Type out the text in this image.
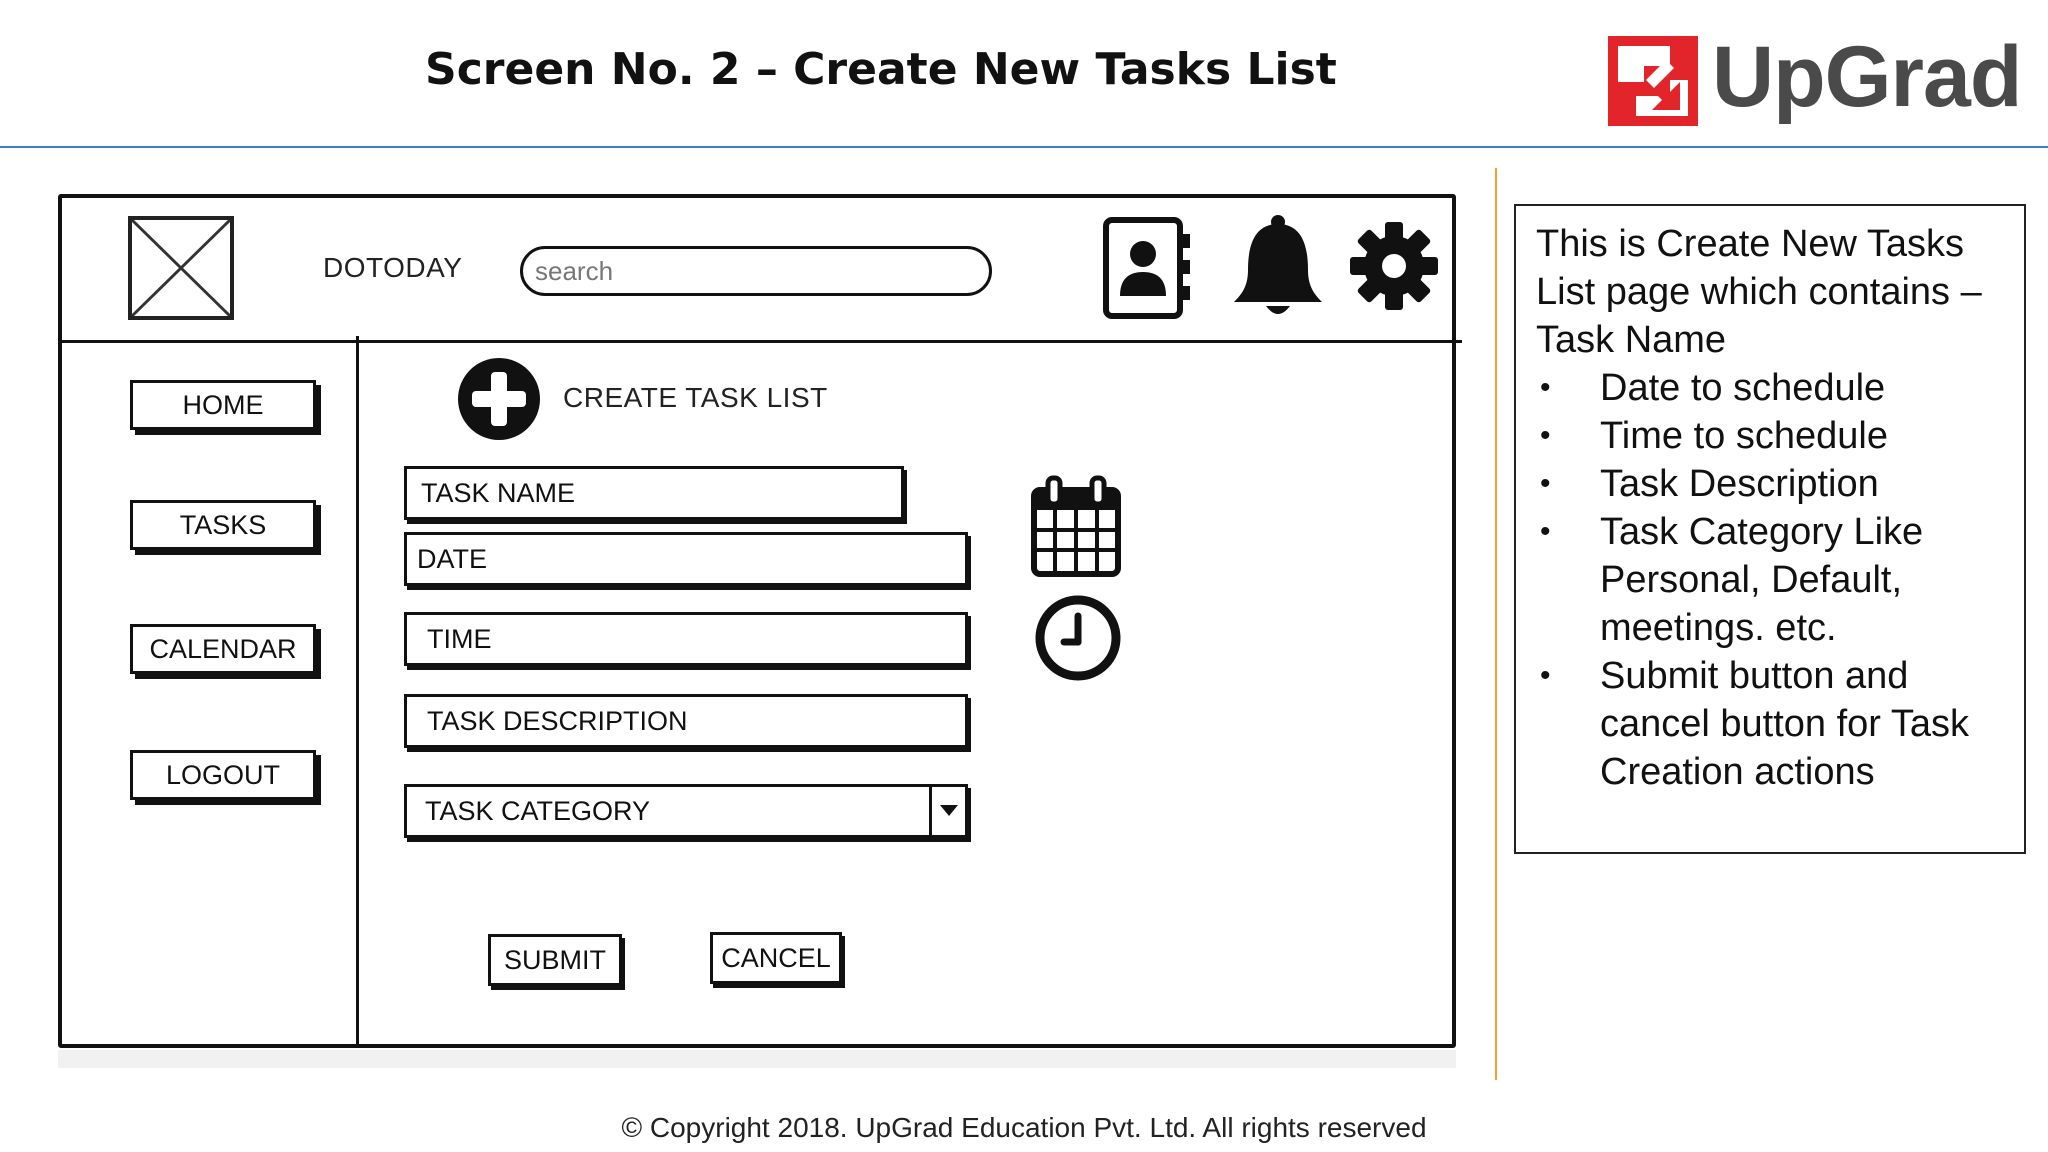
Screen No. 2 – Create New Tasks List	UpGrad
DOTODAY
search
HOME
TASKS
CALENDAR
LOGOUT
CREATE TASK LIST
TASK NAME
DATE
TIME
TASK DESCRIPTION
TASK CATEGORY
SUBMIT	CANCEL
This is Create New Tasks List page which contains – Task Name
• Date to schedule
• Time to schedule
• Task Description
• Task Category Like Personal, Default, meetings. etc.
• Submit button and cancel button for Task Creation actions
© Copyright 2018. UpGrad Education Pvt. Ltd. All rights reserved
